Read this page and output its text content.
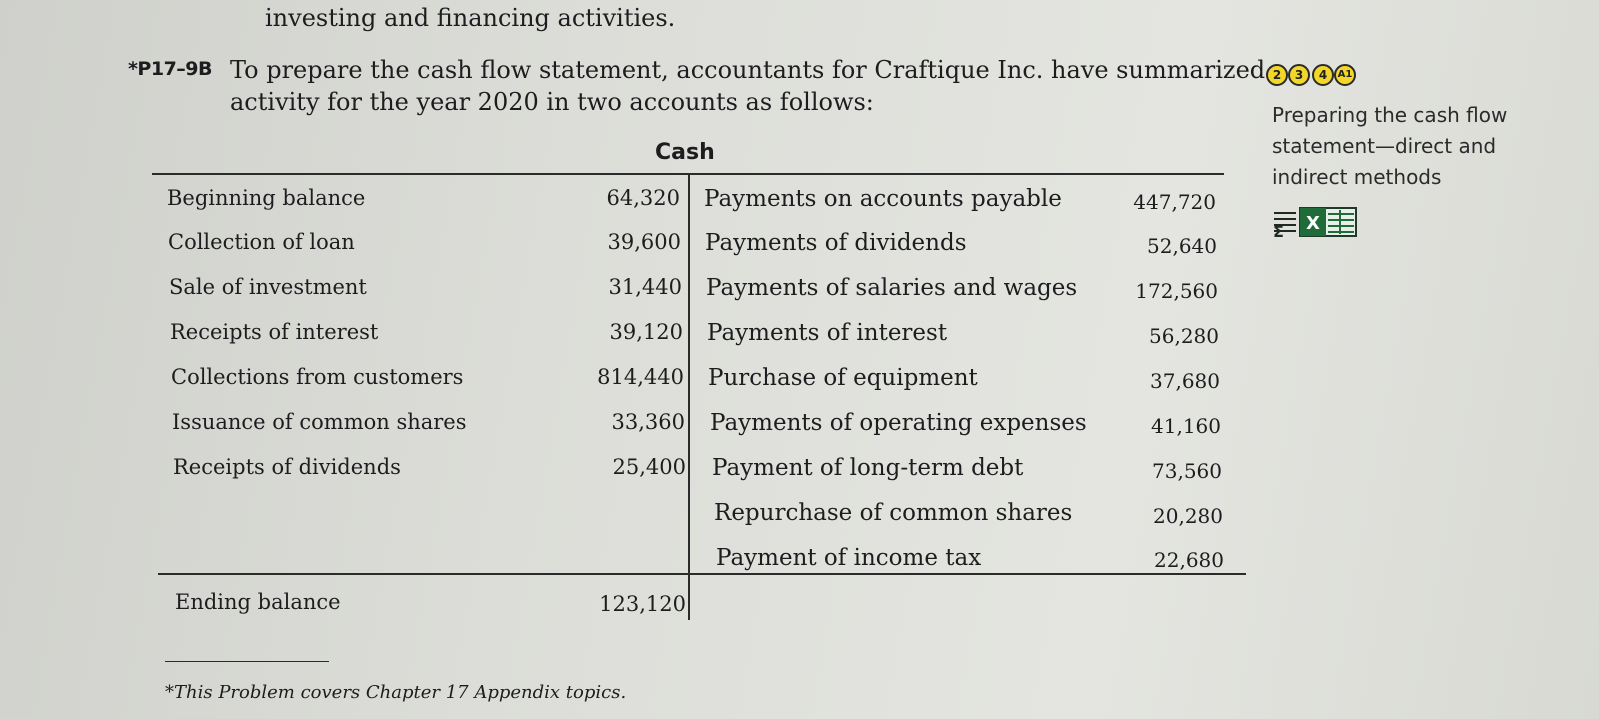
investing and financing activities.
*P17–9B To prepare the cash flow statement, accountants for Craftique Inc. have summarized
activity for the year 2020 in two accounts as follows:
2	3	4	A1
Preparing the cash flow statement—direct and indirect methods
Σ X
Cash
Beginning balance	64,320
Collection of loan	39,600
Sale of investment	31,440
Receipts of interest	39,120
Collections from customers	814,440
Issuance of common shares	33,360
Receipts of dividends	25,400
Payments on accounts payable	447,720
Payments of dividends	52,640
Payments of salaries and wages	172,560
Payments of interest	56,280
Purchase of equipment	37,680
Payments of operating expenses	41,160
Payment of long-term debt	73,560
Repurchase of common shares	20,280
Payment of income tax	22,680
Ending balance	123,120
*This Problem covers Chapter 17 Appendix topics.
